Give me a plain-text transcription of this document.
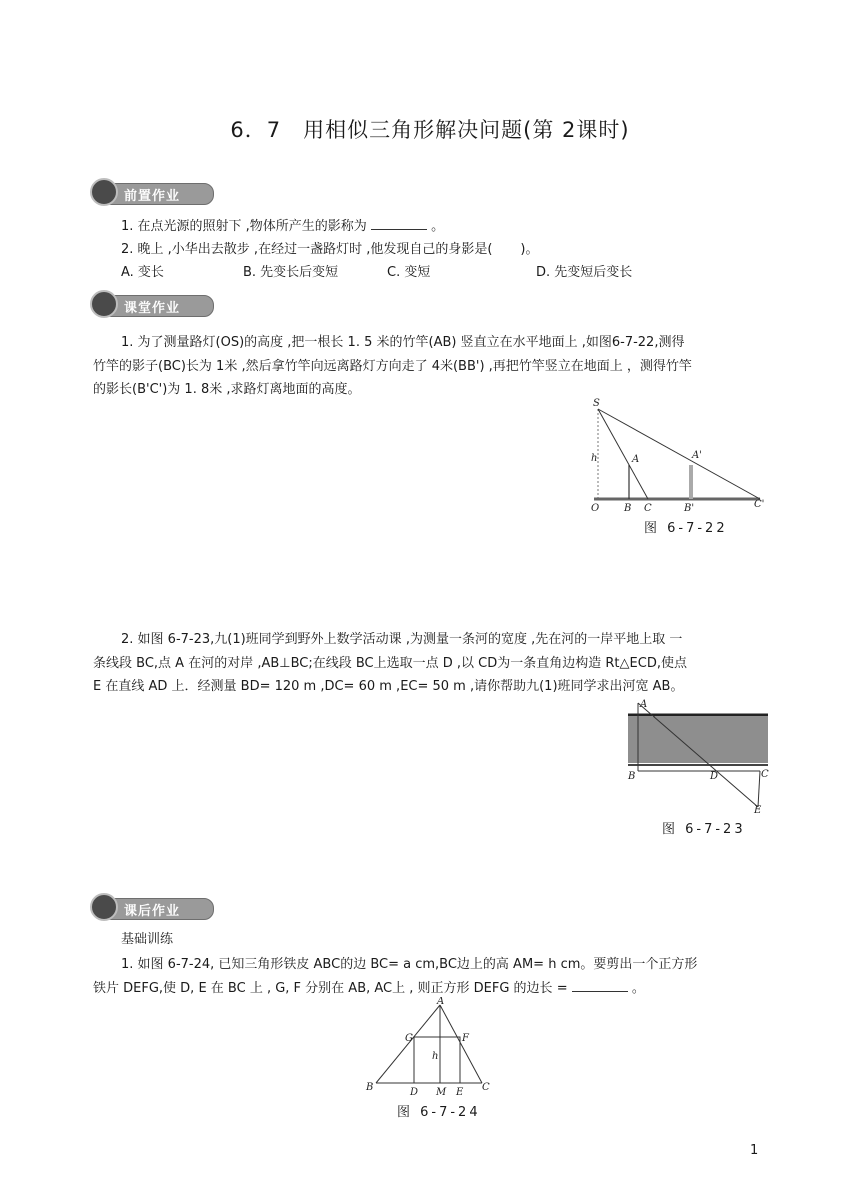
6．7　用相似三角形解决问题(第 2课时)
前置作业
1. 在点光源的照射下 ,物体所产生的影称为	。
2. 晚上 ,小华出去散步 ,在经过一盏路灯时 ,他发现自己的身影是( )。
A. 变长	B. 先变长后变短	C. 变短	D. 先变短后变长
课堂作业
1. 为了测量路灯(OS)的高度 ,把一根长 1. 5 米的竹竿(AB) 竖直立在水平地面上 ,如图6-7-22,测得
竹竿的影子(BC)长为 1米 ,然后拿竹竿向远离路灯方向走了 4米(BB') ,再把竹竿竖立在地面上 ，测得竹竿
的影长(B'C')为 1. 8米 ,求路灯离地面的高度。
S
h	A	A'
O B C	B'	C'
图 6-7-22
2. 如图 6-7-23,九(1)班同学到野外上数学活动课 ,为测量一条河的宽度 ,先在河的一岸平地上取 一
条线段 BC,点 A 在河的对岸 ,AB⊥BC;在线段 BC上选取一点 D ,以 CD为一条直角边构造 Rt△ECD,使点
E 在直线 AD 上．经测量 BD= 120 m ,DC= 60 m ,EC= 50 m ,请你帮助九(1)班同学求出河宽 AB。
A
B	D	C
E
图 6-7-23
课后作业
基础训练
1. 如图 6-7-24, 已知三角形铁皮 ABC的边 BC= a cm,BC边上的高 AM= h cm。要剪出一个正方形
铁片 DEFG,使 D, E 在 BC 上 , G, F 分别在 AB, AC上 , 则正方形 DEFG 的边长 =	。
A
G	F
h
B	D M E C
图 6-7-24
1
